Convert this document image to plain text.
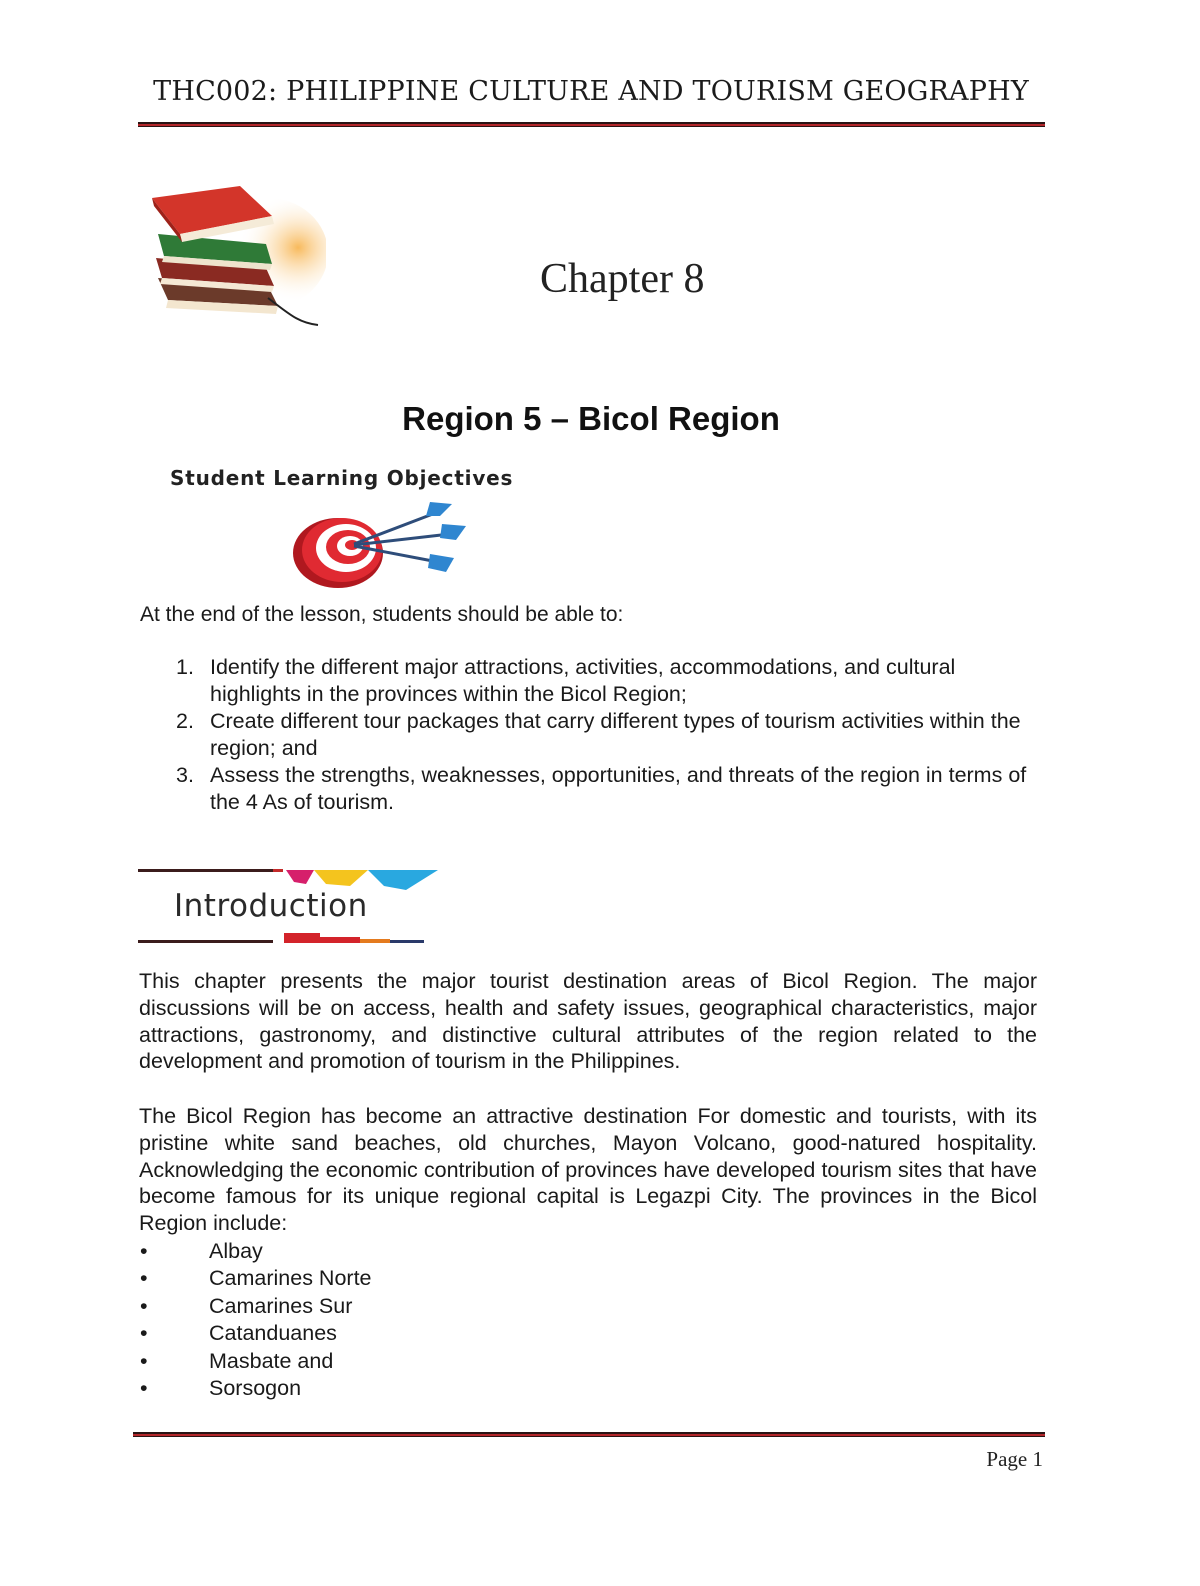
THC002: PHILIPPINE CULTURE AND TOURISM GEOGRAPHY
Chapter 8
Region 5 – Bicol Region
Student Learning Objectives
At the end of the lesson, students should be able to:
1. Identify the different major attractions, activities, accommodations, and cultural highlights in the provinces within the Bicol Region;
2. Create different tour packages that carry different types of tourism activities within the region; and
3. Assess the strengths, weaknesses, opportunities, and threats of the region in terms of the 4 As of tourism.
Introduction

This chapter presents the major tourist destination areas of Bicol Region. The major discussions will be on access, health and safety issues, geographical characteristics, major attractions, gastronomy, and distinctive cultural attributes of the region related to the development and promotion of tourism in the Philippines.

The Bicol Region has become an attractive destination For domestic and tourists, with its pristine white sand beaches, old churches, Mayon Volcano, good-natured hospitality. Acknowledging the economic contribution of provinces have developed tourism sites that have become famous for its unique regional capital is Legazpi City. The provinces in the Bicol Region include:

•	Albay
•	Camarines Norte
•	Camarines Sur
•	Catanduanes
•	Masbate and
•	Sorsogon
Page 1
